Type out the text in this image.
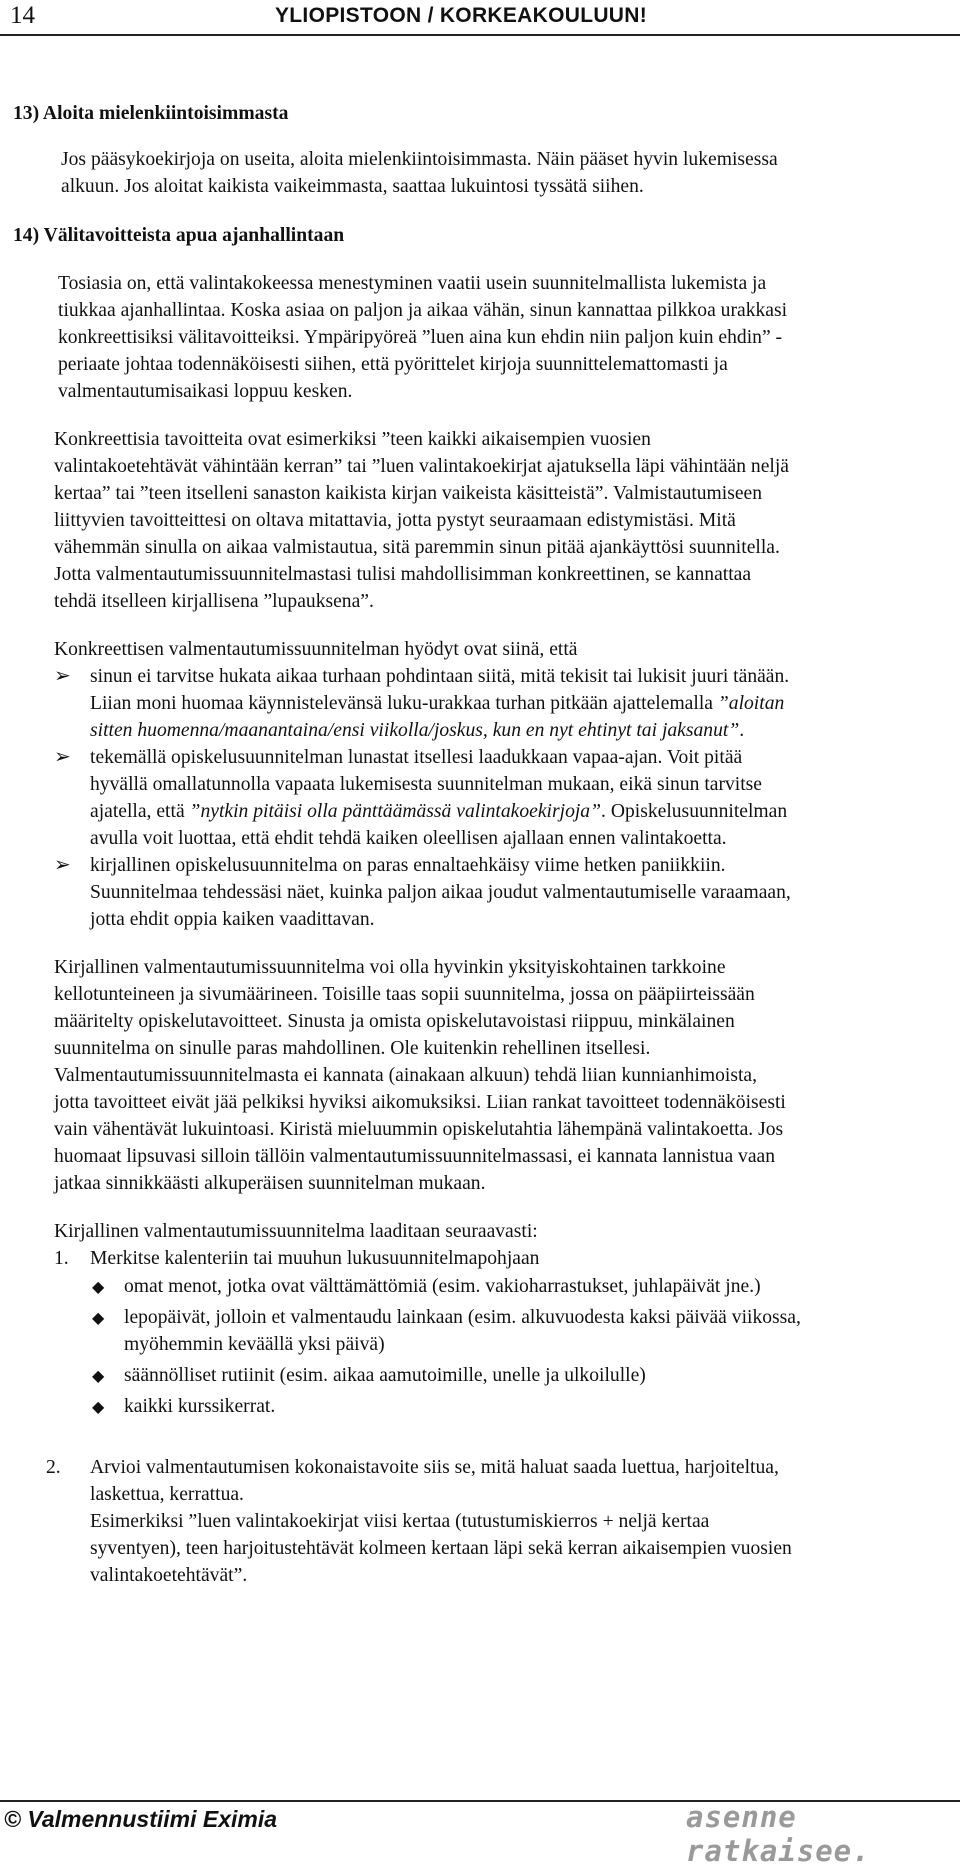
14	YLIOPISTOON / KORKEAKOULUUN!
13) Aloita mielenkiintoisimmasta
Jos pääsykoekirjoja on useita, aloita mielenkiintoisimmasta. Näin pääset hyvin lukemisessa
alkuun. Jos aloitat kaikista vaikeimmasta, saattaa lukuintosi tyssätä siihen.
14) Välitavoitteista apua ajanhallintaan
Tosiasia on, että valintakokeessa menestyminen vaatii usein suunnitelmallista lukemista ja
tiukkaa ajanhallintaa. Koska asiaa on paljon ja aikaa vähän, sinun kannattaa pilkkoa urakkasi
konkreettisiksi välitavoitteiksi. Ympäripyöreä ”luen aina kun ehdin niin paljon kuin ehdin” -
periaate johtaa todennäköisesti siihen, että pyörittelet kirjoja suunnittelemattomasti ja
valmentautumisaikasi loppuu kesken.
Konkreettisia tavoitteita ovat esimerkiksi ”teen kaikki aikaisempien vuosien
valintakoetehtävät vähintään kerran” tai ”luen valintakoekirjat ajatuksella läpi vähintään neljä
kertaa” tai ”teen itselleni sanaston kaikista kirjan vaikeista käsitteistä”. Valmistautumiseen
liittyvien tavoitteittesi on oltava mitattavia, jotta pystyt seuraamaan edistymistäsi. Mitä
vähemmän sinulla on aikaa valmistautua, sitä paremmin sinun pitää ajankäyttösi suunnitella.
Jotta valmentautumissuunnitelmastasi tulisi mahdollisimman konkreettinen, se kannattaa
tehdä itselleen kirjallisena ”lupauksena”.
Konkreettisen valmentautumissuunnitelman hyödyt ovat siinä, että
➢ sinun ei tarvitse hukata aikaa turhaan pohdintaan siitä, mitä tekisit tai lukisit juuri tänään.
Liian moni huomaa käynnistelevänsä luku-urakkaa turhan pitkään ajattelemalla ”aloitan
sitten huomenna/maanantaina/ensi viikolla/joskus, kun en nyt ehtinyt tai jaksanut”.
➢ tekemällä opiskelusuunnitelman lunastat itsellesi laadukkaan vapaa-ajan. Voit pitää
hyvällä omallatunnolla vapaata lukemisesta suunnitelman mukaan, eikä sinun tarvitse
ajatella, että ”nytkin pitäisi olla pänttäämässä valintakoekirjoja”. Opiskelusuunnitelman
avulla voit luottaa, että ehdit tehdä kaiken oleellisen ajallaan ennen valintakoetta.
➢ kirjallinen opiskelusuunnitelma on paras ennaltaehkäisy viime hetken paniikkiin.
Suunnitelmaa tehdessäsi näet, kuinka paljon aikaa joudut valmentautumiselle varaamaan,
jotta ehdit oppia kaiken vaadittavan.
Kirjallinen valmentautumissuunnitelma voi olla hyvinkin yksityiskohtainen tarkkoine
kellotunteineen ja sivumäärineen. Toisille taas sopii suunnitelma, jossa on pääpiirteissään
määritelty opiskelutavoitteet. Sinusta ja omista opiskelutavoistasi riippuu, minkälainen
suunnitelma on sinulle paras mahdollinen. Ole kuitenkin rehellinen itsellesi.
Valmentautumissuunnitelmasta ei kannata (ainakaan alkuun) tehdä liian kunnianhimoista,
jotta tavoitteet eivät jää pelkiksi hyviksi aikomuksiksi. Liian rankat tavoitteet todennäköisesti
vain vähentävät lukuintoasi. Kiristä mieluummin opiskelutahtia lähempänä valintakoetta. Jos
huomaat lipsuvasi silloin tällöin valmentautumissuunnitelmassasi, ei kannata lannistua vaan
jatkaa sinnikkäästi alkuperäisen suunnitelman mukaan.
Kirjallinen valmentautumissuunnitelma laaditaan seuraavasti:
1. Merkitse kalenteriin tai muuhun lukusuunnitelmapohjaan
◆ omat menot, jotka ovat välttämättömiä (esim. vakioharrastukset, juhlapäivät jne.)
◆ lepopäivät, jolloin et valmentaudu lainkaan (esim. alkuvuodesta kaksi päivää viikossa,
myöhemmin keväällä yksi päivä)
◆ säännölliset rutiinit (esim. aikaa aamutoimille, unelle ja ulkoilulle)
◆ kaikki kurssikerrat.
2. Arvioi valmentautumisen kokonaistavoite siis se, mitä haluat saada luettua, harjoiteltua,
laskettua, kerrattua.
Esimerkiksi ”luen valintakoekirjat viisi kertaa (tutustumiskierros + neljä kertaa
syventyen), teen harjoitustehtävät kolmeen kertaan läpi sekä kerran aikaisempien vuosien
valintakoetehtävät”.
© Valmennustiimi Eximia	asenne ratkaisee.
